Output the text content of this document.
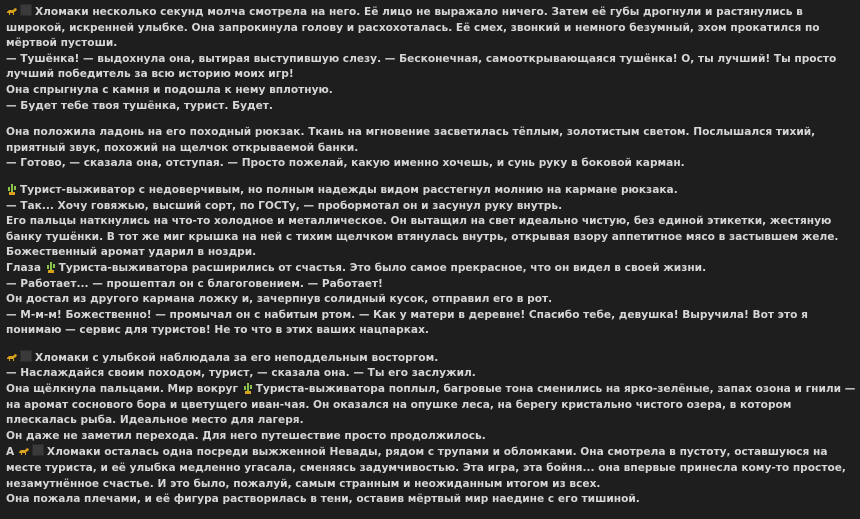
Хломаки несколько секунд молча смотрела на него. Её лицо не выражало ничего. Затем её губы дрогнули и растянулись в широкой, искренней улыбке. Она запрокинула голову и расхохоталась. Её смех, звонкий и немного безумный, эхом прокатился по мёртвой пустоши.
— Тушёнка! — выдохнула она, вытирая выступившую слезу. — Бесконечная, самооткрывающаяся тушёнка! О, ты лучший! Ты просто лучший победитель за всю историю моих игр!
Она спрыгнула с камня и подошла к нему вплотную.
— Будет тебе твоя тушёнка, турист. Будет.
Она положила ладонь на его походный рюкзак. Ткань на мгновение засветилась тёплым, золотистым светом. Послышался тихий, приятный звук, похожий на щелчок открываемой банки.
— Готово, — сказала она, отступая. — Просто пожелай, какую именно хочешь, и сунь руку в боковой карман.
Турист-выживатор с недоверчивым, но полным надежды видом расстегнул молнию на кармане рюкзака.
— Так... Хочу говяжью, высший сорт, по ГОСТу, — пробормотал он и засунул руку внутрь.
Его пальцы наткнулись на что-то холодное и металлическое. Он вытащил на свет идеально чистую, без единой этикетки, жестяную банку тушёнки. В тот же миг крышка на ней с тихим щелчком втянулась внутрь, открывая взору аппетитное мясо в застывшем желе. Божественный аромат ударил в ноздри.
Глаза Туриста-выживатора расширились от счастья. Это было самое прекрасное, что он видел в своей жизни.
— Работает... — прошептал он с благоговением. — Работает!
Он достал из другого кармана ложку и, зачерпнув солидный кусок, отправил его в рот.
— М-м-м! Божественно! — промычал он с набитым ртом. — Как у матери в деревне! Спасибо тебе, девушка! Выручила! Вот это я понимаю — сервис для туристов! Не то что в этих ваших нацпарках.
Хломаки с улыбкой наблюдала за его неподдельным восторгом.
— Наслаждайся своим походом, турист, — сказала она. — Ты его заслужил.
Она щёлкнула пальцами. Мир вокруг Туриста-выживатора поплыл, багровые тона сменились на ярко-зелёные, запах озона и гнили — на аромат соснового бора и цветущего иван-чая. Он оказался на опушке леса, на берегу кристально чистого озера, в котором плескалась рыба. Идеальное место для лагеря.
Он даже не заметил перехода. Для него путешествие просто продолжилось.
А	Хломаки осталась одна посреди выжженной Невады, рядом с трупами и обломками. Она смотрела в пустоту, оставшуюся на месте туриста, и её улыбка медленно угасала, сменяясь задумчивостью. Эта игра, эта бойня... она впервые принесла кому-то простое, незамутнённое счастье. И это было, пожалуй, самым странным и неожиданным итогом из всех.
Она пожала плечами, и её фигура растворилась в тени, оставив мёртвый мир наедине с его тишиной.
